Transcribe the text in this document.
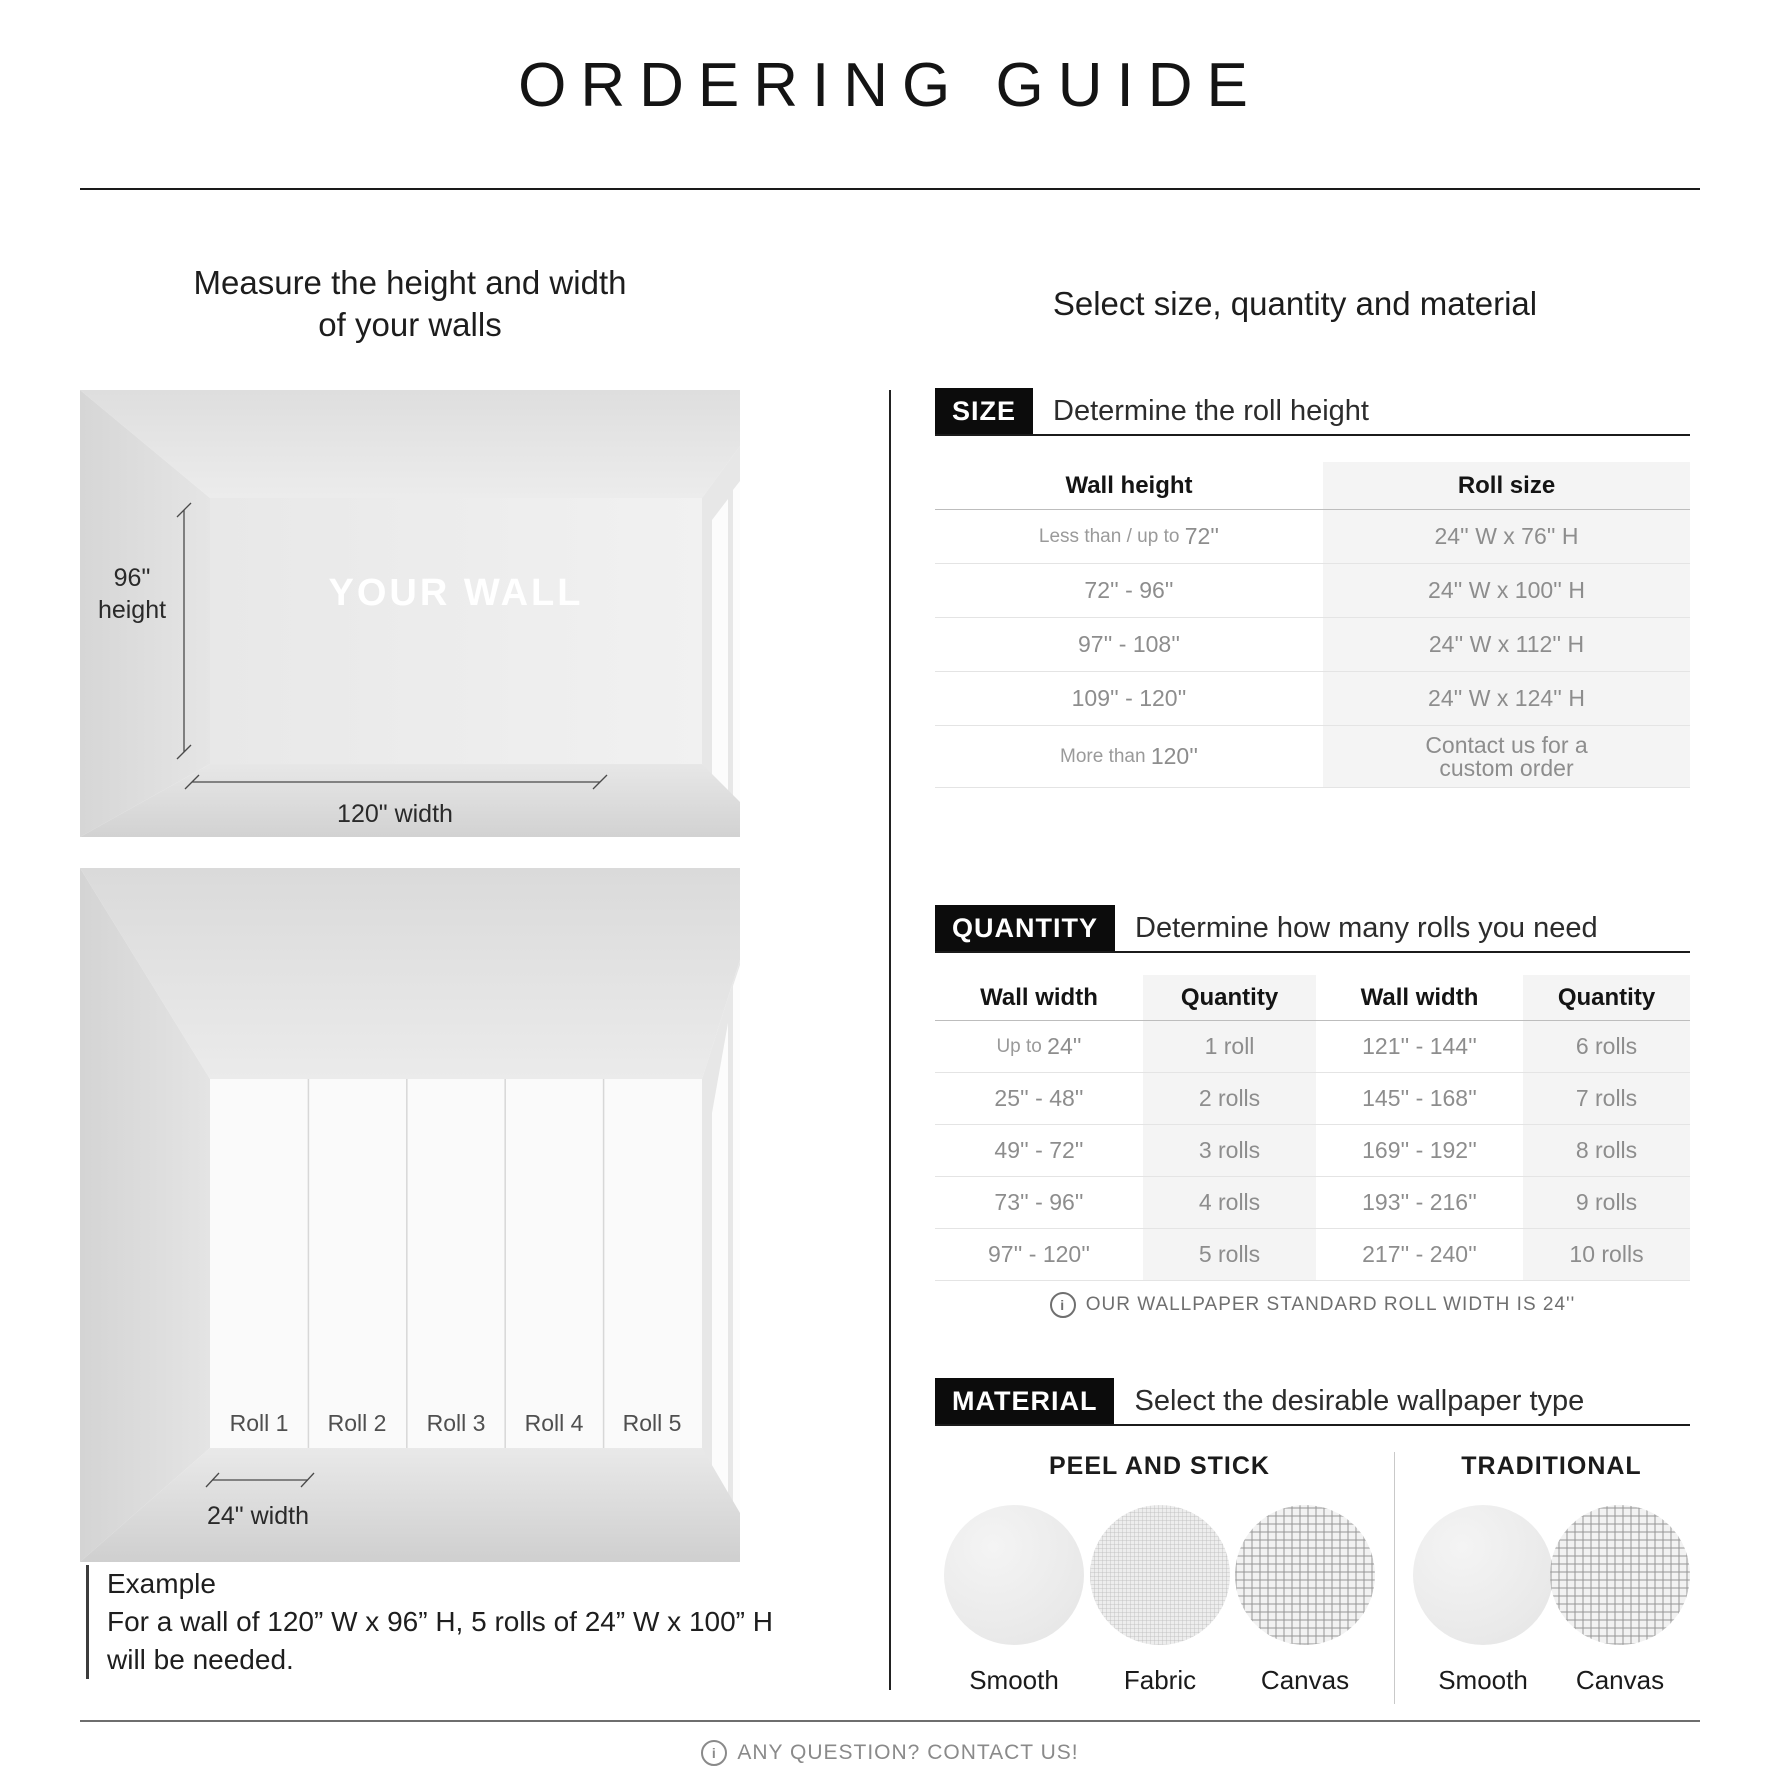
ORDERING GUIDE
Measure the height and width
of your walls
96"
height	YOUR WALL
120" width
Roll 1 Roll 2 Roll 3 Roll 4 Roll 5
24" width
Example
For a wall of 120” W x 96” H, 5 rolls of 24” W x 100” H
will be needed.
Select size, quantity and material
SIZE	Determine the roll height
Wall height	Roll size
Less than / up to 72''	24'' W x 76'' H
72'' - 96''	24'' W x 100'' H
97'' - 108''	24'' W x 112'' H
109'' - 120''	24'' W x 124'' H
More than 120''	Contact us for a
custom order
QUANTITY	Determine how many rolls you need
Wall width	Quantity	Wall width	Quantity
Up to 24''	1 roll	121'' - 144''	6 rolls
25'' - 48''	2 rolls	145'' - 168''	7 rolls
49'' - 72''	3 rolls	169'' - 192''	8 rolls
73'' - 96''	4 rolls	193'' - 216''	9 rolls
97'' - 120''	5 rolls	217'' - 240''	10 rolls
i
OUR WALLPAPER STANDARD ROLL WIDTH IS 24''
MATERIAL	Select the desirable wallpaper type
PEEL AND STICK	TRADITIONAL
Smooth	Fabric	Canvas	Smooth	Canvas
i
ANY QUESTION? CONTACT US!
